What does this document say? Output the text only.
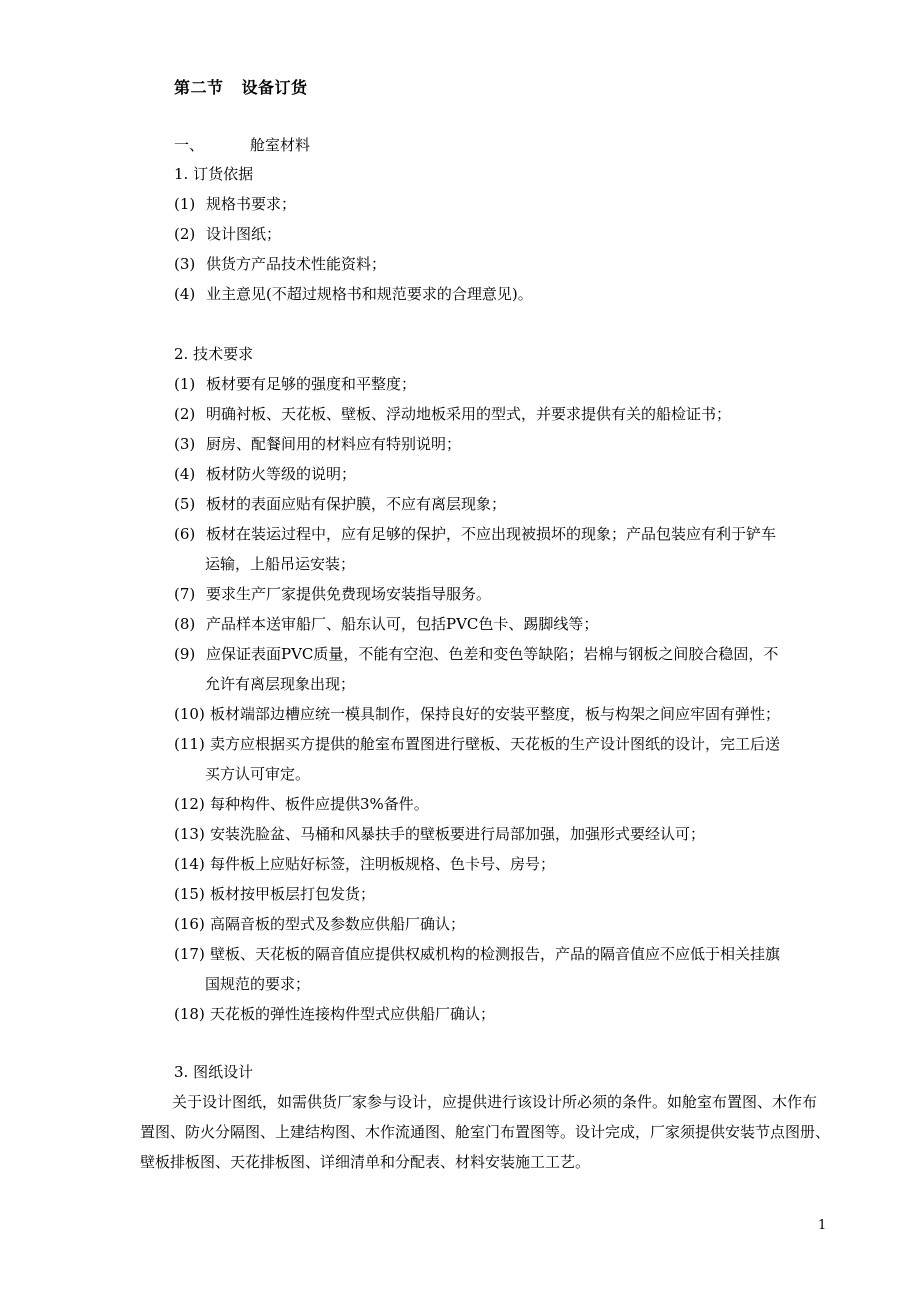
第二节 设备订货
一、	舱室材料
1. 订货依据
(1) 规格书要求；
(2) 设计图纸；
(3) 供货方产品技术性能资料；
(4) 业主意见(不超过规格书和规范要求的合理意见)。
2. 技术要求
(1) 板材要有足够的强度和平整度；
(2) 明确衬板、天花板、壁板、浮动地板采用的型式，并要求提供有关的船检证书；
(3) 厨房、配餐间用的材料应有特别说明；
(4) 板材防火等级的说明；
(5) 板材的表面应贴有保护膜，不应有离层现象；
(6) 板材在装运过程中，应有足够的保护，不应出现被损坏的现象；产品包装应有利于铲车
运输，上船吊运安装；
(7) 要求生产厂家提供免费现场安装指导服务。
(8) 产品样本送审船厂、船东认可，包括PVC色卡、踢脚线等；
(9) 应保证表面PVC质量，不能有空泡、色差和变色等缺陷；岩棉与钢板之间胶合稳固，不
允许有离层现象出现；
(10) 板材端部边槽应统一模具制作，保持良好的安装平整度，板与构架之间应牢固有弹性；
(11) 卖方应根据买方提供的舱室布置图进行壁板、天花板的生产设计图纸的设计，完工后送
买方认可审定。
(12) 每种构件、板件应提供3%备件。
(13) 安装洗脸盆、马桶和风暴扶手的壁板要进行局部加强，加强形式要经认可；
(14) 每件板上应贴好标签，注明板规格、色卡号、房号；
(15) 板材按甲板层打包发货；
(16) 高隔音板的型式及参数应供船厂确认；
(17) 壁板、天花板的隔音值应提供权威机构的检测报告，产品的隔音值应不应低于相关挂旗
国规范的要求；
(18) 天花板的弹性连接构件型式应供船厂确认；
3. 图纸设计
关于设计图纸，如需供货厂家参与设计，应提供进行该设计所必须的条件。如舱室布置图、木作布置图、防火分隔图、上建结构图、木作流通图、舱室门布置图等。设计完成，厂家须提供安装节点图册、壁板排板图、天花排板图、详细清单和分配表、材料安装施工工艺。
1
